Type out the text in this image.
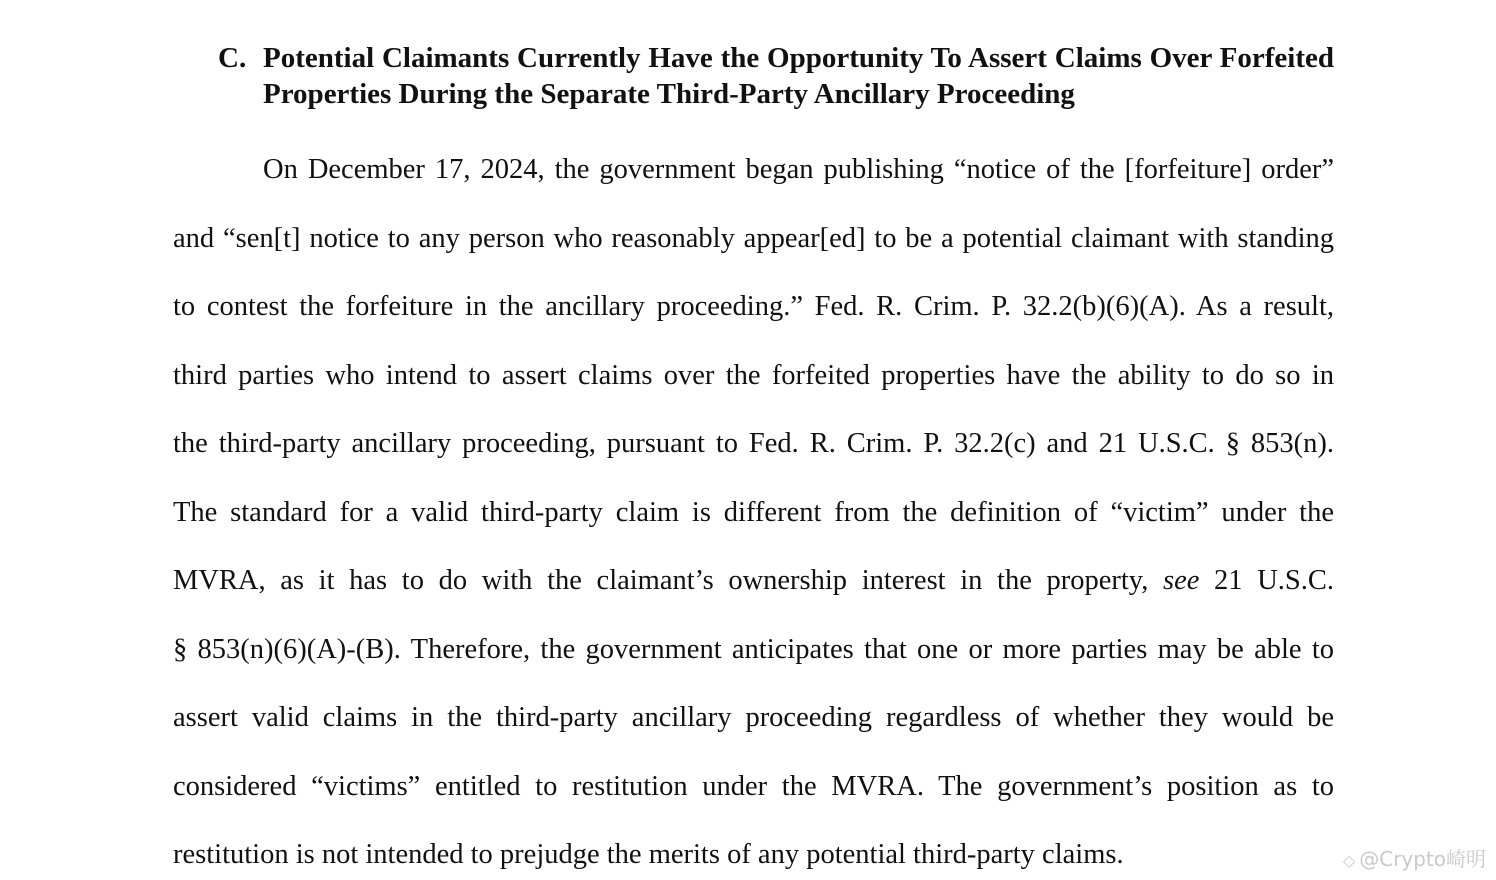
C. Potential Claimants Currently Have the Opportunity To Assert Claims Over Forfeited Properties During the Separate Third-Party Ancillary Proceeding
On December 17, 2024, the government began publishing “notice of the [forfeiture] order”
and “sen[t] notice to any person who reasonably appear[ed] to be a potential claimant with standing
to contest the forfeiture in the ancillary proceeding.” Fed. R. Crim. P. 32.2(b)(6)(A). As a result,
third parties who intend to assert claims over the forfeited properties have the ability to do so in
the third-party ancillary proceeding, pursuant to Fed. R. Crim. P. 32.2(c) and 21 U.S.C. § 853(n).
The standard for a valid third-party claim is different from the definition of “victim” under the
MVRA, as it has to do with the claimant’s ownership interest in the property, see 21 U.S.C.
§ 853(n)(6)(A)-(B). Therefore, the government anticipates that one or more parties may be able to
assert valid claims in the third-party ancillary proceeding regardless of whether they would be
considered “victims” entitled to restitution under the MVRA. The government’s position as to
restitution is not intended to prejudge the merits of any potential third-party claims.	◇ @Crypto崎明
